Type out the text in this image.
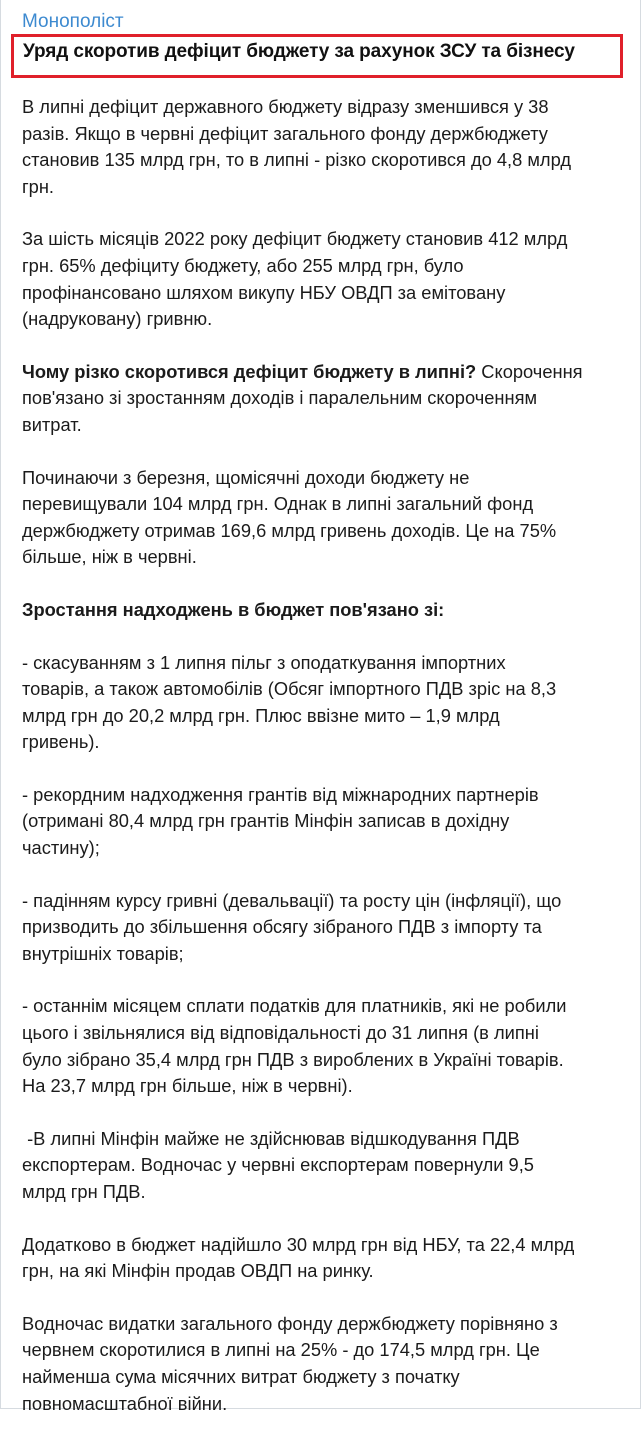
Монополіст
Уряд скоротив дефіцит бюджету за рахунок ЗСУ та бізнесу
В липні дефіцит державного бюджету відразу зменшився у 38
разів. Якщо в червні дефіцит загального фонду держбюджету
становив 135 млрд грн, то в липні - різко скоротився до 4,8 млрд
грн.
За шість місяців 2022 року дефіцит бюджету становив 412 млрд
грн. 65% дефіциту бюджету, або 255 млрд грн, було
профінансовано шляхом викупу НБУ ОВДП за емітовану
(надруковану) гривню.
Чому різко скоротився дефіцит бюджету в липні? Скорочення
пов'язано зі зростанням доходів і паралельним скороченням
витрат.
Починаючи з березня, щомісячні доходи бюджету не
перевищували 104 млрд грн. Однак в липні загальний фонд
держбюджету отримав 169,6 млрд гривень доходів. Це на 75%
більше, ніж в червні.
Зростання надходжень в бюджет пов'язано зі:
- скасуванням з 1 липня пільг з оподаткування імпортних
товарів, а також автомобілів (Обсяг імпортного ПДВ зріс на 8,3
млрд грн до 20,2 млрд грн. Плюс ввізне мито – 1,9 млрд
гривень).
- рекордним надходження грантів від міжнародних партнерів
(отримані 80,4 млрд грн грантів Мінфін записав в дохідну
частину);
- падінням курсу гривні (девальвації) та росту цін (інфляції), що
призводить до збільшення обсягу зібраного ПДВ з імпорту та
внутрішніх товарів;
- останнім місяцем сплати податків для платників, які не робили
цього і звільнялися від відповідальності до 31 липня (в липні
було зібрано 35,4 млрд грн ПДВ з вироблених в Україні товарів.
На 23,7 млрд грн більше, ніж в червні).
-В липні Мінфін майже не здійснював відшкодування ПДВ
експортерам. Водночас у червні експортерам повернули 9,5
млрд грн ПДВ.
Додатково в бюджет надійшло 30 млрд грн від НБУ, та 22,4 млрд
грн, на які Мінфін продав ОВДП на ринку.
Водночас видатки загального фонду держбюджету порівняно з
червнем скоротилися в липні на 25% - до 174,5 млрд грн. Це
найменша сума місячних витрат бюджету з початку
повномасштабної війни.
